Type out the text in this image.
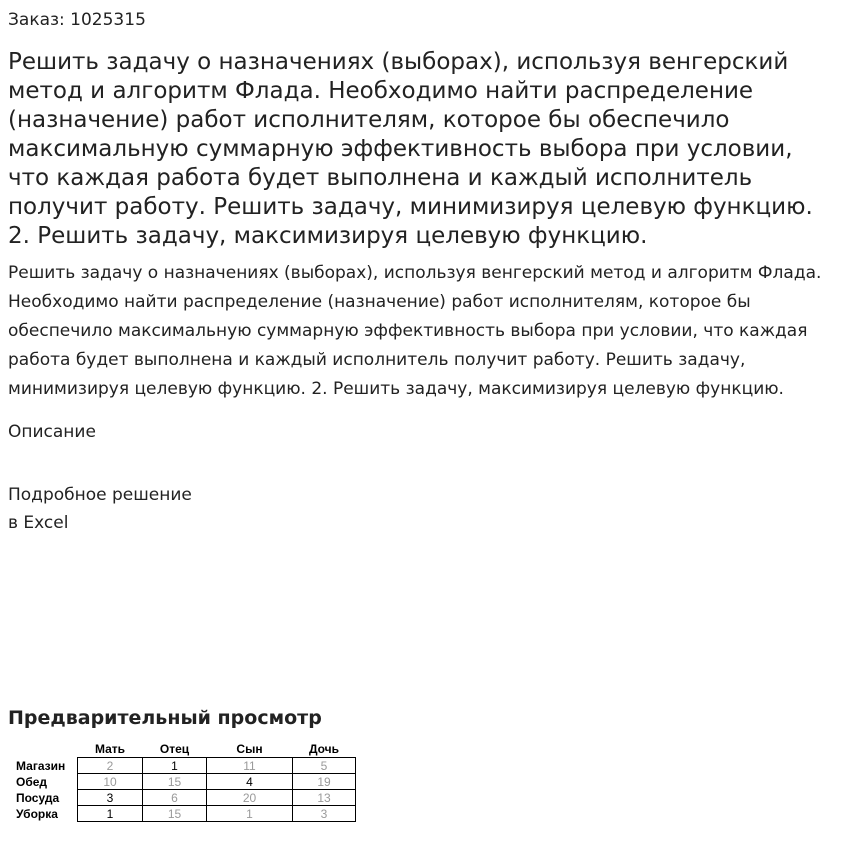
Заказ: 1025315

Решить задачу о назначениях (выборах), используя венгерский метод и алгоритм Флада. Необходимо найти распределение (назначение) работ исполнителям, которое бы обеспечило максимальную суммарную эффективность выбора при условии, что каждая работа будет выполнена и каждый исполнитель получит работу. Решить задачу, минимизируя целевую функцию. 2. Решить задачу, максимизируя целевую функцию.

Решить задачу о назначениях (выборах), используя венгерский метод и алгоритм Флада. Необходимо найти распределение (назначение) работ исполнителям, которое бы обеспечило максимальную суммарную эффективность выбора при условии, что каждая работа будет выполнена и каждый исполнитель получит работу. Решить задачу, минимизируя целевую функцию. 2. Решить задачу, максимизируя целевую функцию.

Описание

Подробное решение
в Excel

Предварительный просмотр
	Мать	Отец	Сын	Дочь
Магазин	2	1	11	5
Обед	10	15	4	19
Посуда	3	6	20	13
Уборка	1	15	1	3
